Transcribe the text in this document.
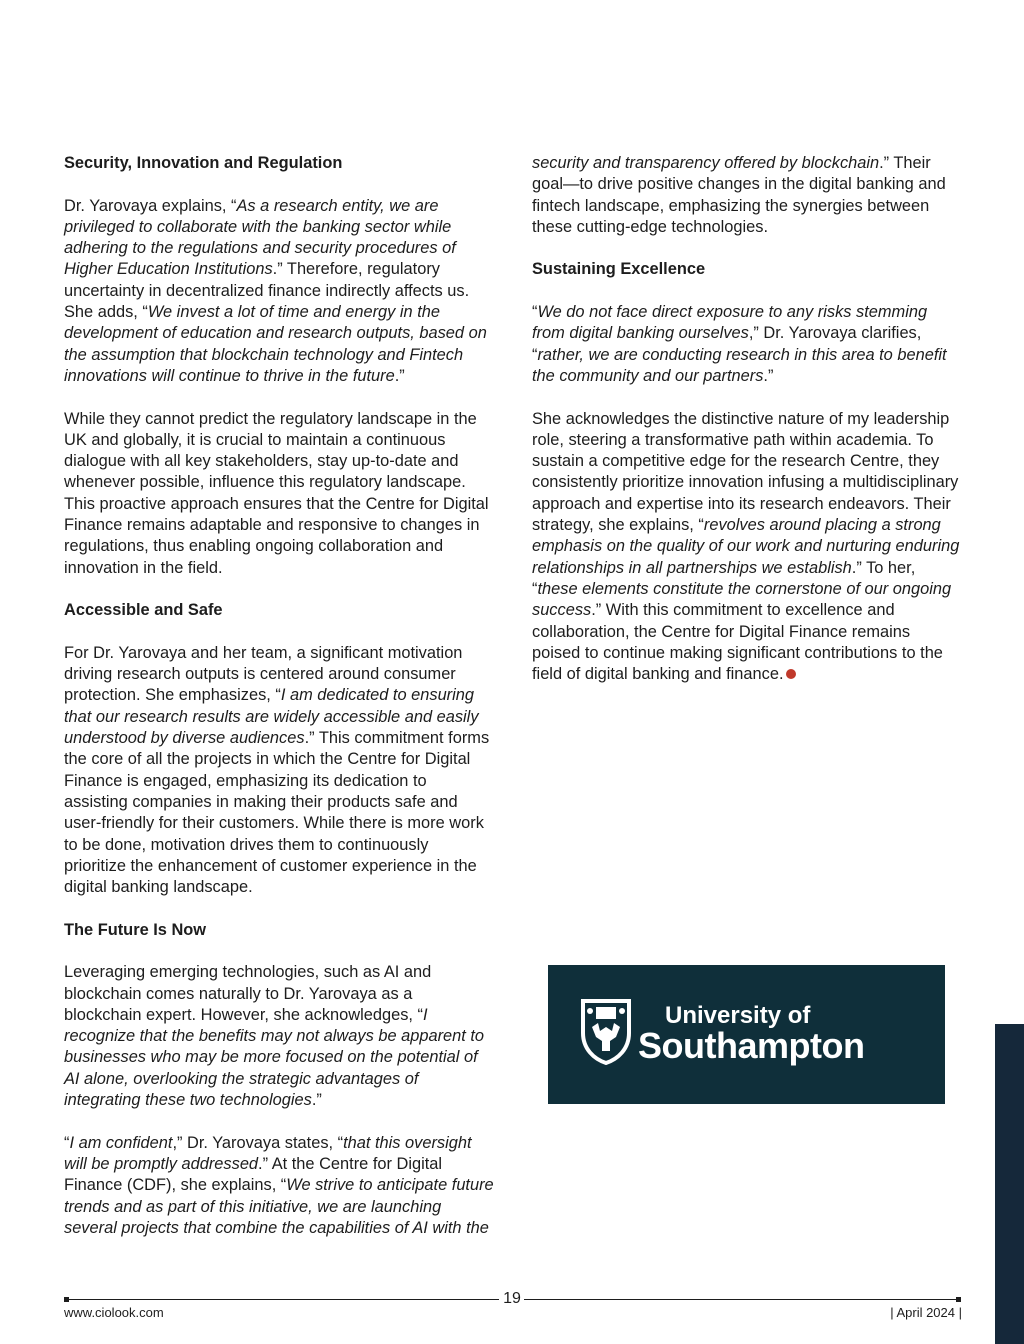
Security, Innovation and Regulation

Dr. Yarovaya explains, “As a research entity, we are privileged to collaborate with the banking sector while adhering to the regulations and security procedures of Higher Education Institutions.” Therefore, regulatory uncertainty in decentralized finance indirectly affects us. She adds, “We invest a lot of time and energy in the development of education and research outputs, based on the assumption that blockchain technology and Fintech innovations will continue to thrive in the future.”

While they cannot predict the regulatory landscape in the UK and globally, it is crucial to maintain a continuous dialogue with all key stakeholders, stay up-to-date and whenever possible, influence this regulatory landscape. This proactive approach ensures that the Centre for Digital Finance remains adaptable and responsive to changes in regulations, thus enabling ongoing collaboration and innovation in the field.

Accessible and Safe

For Dr. Yarovaya and her team, a significant motivation driving research outputs is centered around consumer protection. She emphasizes, “I am dedicated to ensuring that our research results are widely accessible and easily understood by diverse audiences.” This commitment forms the core of all the projects in which the Centre for Digital Finance is engaged, emphasizing its dedication to assisting companies in making their products safe and user-friendly for their customers. While there is more work to be done, motivation drives them to continuously prioritize the enhancement of customer experience in the digital banking landscape.

The Future Is Now

Leveraging emerging technologies, such as AI and blockchain comes naturally to Dr. Yarovaya as a blockchain expert. However, she acknowledges, “I recognize that the benefits may not always be apparent to businesses who may be more focused on the potential of AI alone, overlooking the strategic advantages of integrating these two technologies.”

“I am confident,” Dr. Yarovaya states, “that this oversight will be promptly addressed.” At the Centre for Digital Finance (CDF), she explains, “We strive to anticipate future trends and as part of this initiative, we are launching several projects that combine the capabilities of AI with the

security and transparency offered by blockchain.” Their goal—to drive positive changes in the digital banking and fintech landscape, emphasizing the synergies between these cutting-edge technologies.

Sustaining Excellence

“We do not face direct exposure to any risks stemming from digital banking ourselves,” Dr. Yarovaya clarifies, “rather, we are conducting research in this area to benefit the community and our partners.”

She acknowledges the distinctive nature of my leadership role, steering a transformative path within academia. To sustain a competitive edge for the research Centre, they consistently prioritize innovation infusing a multidisciplinary approach and expertise into its research endeavors. Their strategy, she explains, “revolves around placing a strong emphasis on the quality of our work and nurturing enduring relationships in all partnerships we establish.” To her, “these elements constitute the cornerstone of our ongoing success.” With this commitment to excellence and collaboration, the Centre for Digital Finance remains poised to continue making significant contributions to the field of digital banking and finance.

University of
Southampton
19
www.ciolook.com	| April 2024 |
